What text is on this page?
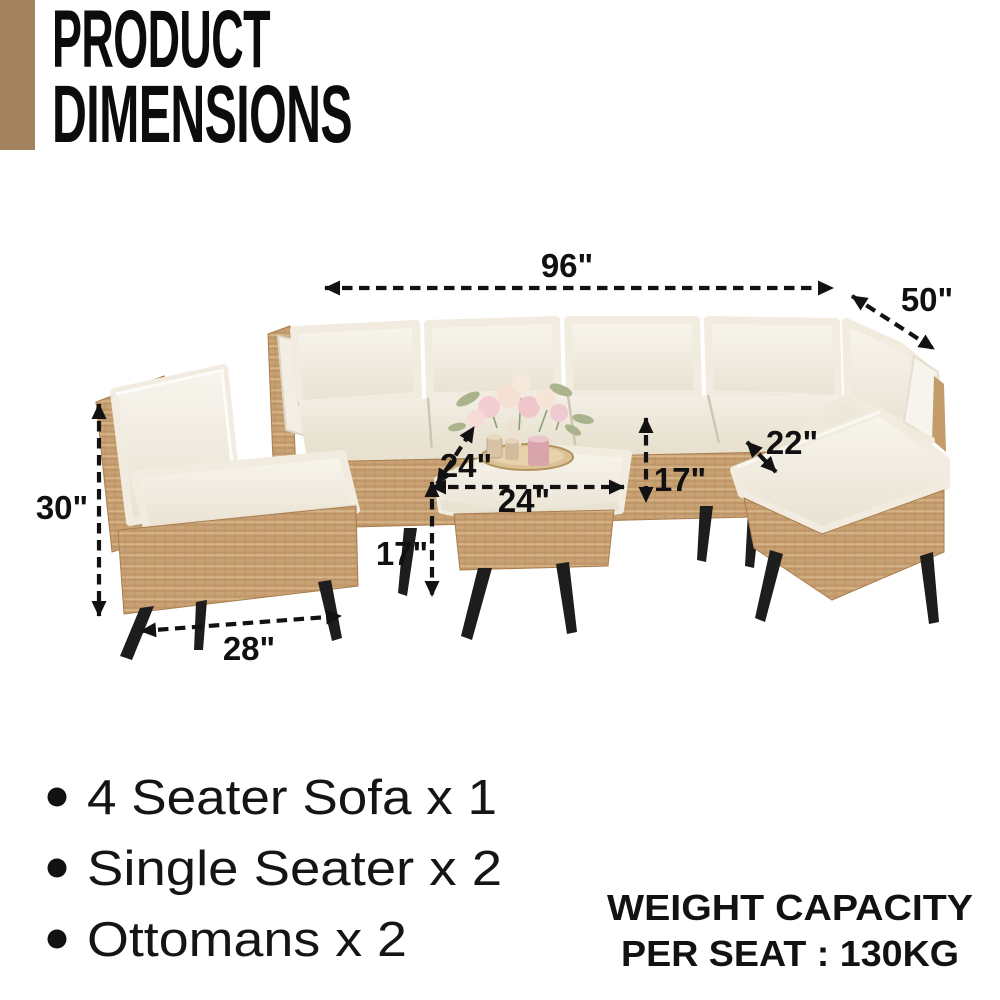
PRODUCT
DIMENSIONS
96"
50"
30"
28"
24"
24"
17"
17"
22"
4 Seater Sofa x 1
Single Seater x 2
Ottomans x 2
WEIGHT CAPACITY
PER SEAT : 130KG
